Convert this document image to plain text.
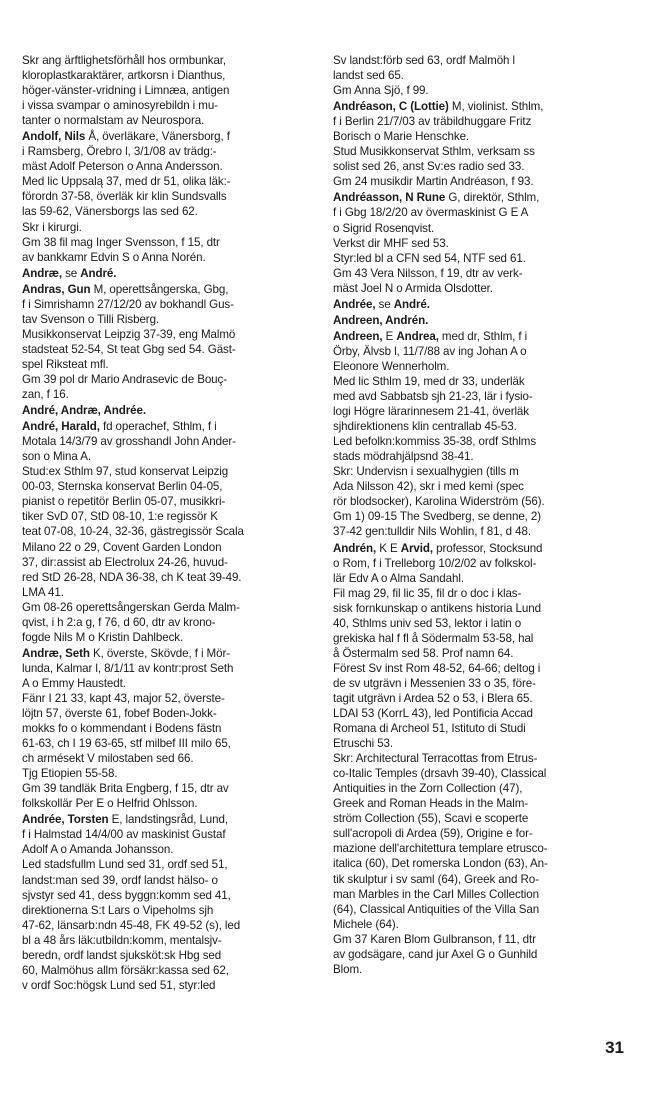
Skr ang ärftlighetsförhåll hos ormbunkar,
kloroplastkaraktärer, artkorsn i Dianthus,
höger-vänster-vridning i Limnæa, antigen
i vissa svampar o aminosyrebildn i mu-
tanter o normalstam av Neurospora.

Andolf, Nils Å, överläkare, Vänersborg, f
i Ramsberg, Örebro l, 3/1/08 av trädg:-
mäst Adolf Peterson o Anna Andersson.
Med lic Uppsalą 37, med dr 51, olika läk:-
förordn 37-58, överläk kir klin Sundsvalls
las 59-62, Vänersborgs las sed 62.
Skr i kirurgi.
Gm 38 fil mag Inger Svensson, f 15, dtr
av bankkamr Edvin S o Anna Norén.

Andræ, se André.

Andras, Gun M, operettsångerska, Gbg,
f i Simrishamn 27/12/20 av bokhandl Gus-
tav Svenson o Tilli Risberg.
Musikkonservat Leipzig 37-39, eng Malmö
stadsteat 52-54, St teat Gbg sed 54. Gäst-
spel Riksteat mfl.
Gm 39 pol dr Mario Andrasevic de Bouç-
zan, f 16.

André, Andræ, Andrée.

André, Harald, fd operachef, Sthlm, f i
Motala 14/3/79 av grosshandl John Ander-
son o Mina A.
Stud:ex Sthlm 97, stud konservat Leipzig
00-03, Sternska konservat Berlin 04-05,
pianist o repetitör Berlin 05-07, musikkri-
tiker SvD 07, StD 08-10, 1:e regissör K
teat 07-08, 10-24, 32-36, gästregissör Scala
Milano 22 o 29, Covent Garden London
37, dir:assist ab Electrolux 24-26, huvud-
red StD 26-28, NDA 36-38, ch K teat 39-49.
LMA 41.
Gm 08-26 operettsångerskan Gerda Malm-
qvist, i h 2:a g, f 76, d 60, dtr av krono-
fogde Nils M o Kristin Dahlbeck.

Andræ, Seth K, överste, Skövde, f i Mör-
lunda, Kalmar l, 8/1/11 av kontr:prost Seth
A o Emmy Haustedt.
Fänr I 21 33, kapt 43, major 52, överste-
löjtn 57, överste 61, fobef Boden-Jokk-
mokks fo o kommendant i Bodens fästn
61-63, ch I 19 63-65, stf milbef III milo 65,
ch armésekt V milostaben sed 66.
Tjg Etiopien 55-58.
Gm 39 tandläk Brita Engberg, f 15, dtr av
folkskollär Per E o Helfrid Ohlsson.

Andrée, Torsten E, landstingsråd, Lund,
f i Halmstad 14/4/00 av maskinist Gustaf
Adolf A o Amanda Johansson.
Led stadsfullm Lund sed 31, ordf sed 51,
landst:man sed 39, ordf landst hälso- o
sjvstyr sed 41, dess byggn:komm sed 41,
direktionerna S:t Lars o Vipeholms sjh
47-62, länsarb:ndn 45-48, FK 49-52 (s), led
bl a 48 års läk:utbildn:komm, mentalsjv-
beredn, ordf landst sjuksköt:sk Hbg sed
60, Malmöhus allm försäkr:kassa sed 62,
v ordf Soc:högsk Lund sed 51, styr:led

Sv landst:förb sed 63, ordf Malmöh l
landst sed 65.
Gm Anna Sjö, f 99.

Andréason, C (Lottie) M, violinist. Sthlm,
f i Berlin 21/7/03 av träbildhuggare Fritz
Borisch o Marie Henschke.
Stud Musikkonservat Sthlm, verksam ss
solist sed 26, anst Sv:es radio sed 33.
Gm 24 musikdir Martin Andréason, f 93.

Andréasson, N Rune G, direktör, Sthlm,
f i Gbg 18/2/20 av övermaskinist G E A
o Sigrid Rosenqvist.
Verkst dir MHF sed 53.
Styr:led bl a CFN sed 54, NTF sed 61.
Gm 43 Vera Nilsson, f 19, dtr av verk-
mäst Joel N o Armida Olsdotter.

Andrée, se André.

Andreen, Andrén.

Andreen, E Andrea, med dr, Sthlm, f i
Örby, Älvsb l, 11/7/88 av ing Johan A o
Eleonore Wennerholm.
Med lic Sthlm 19, med dr 33, underläk
med avd Sabbatsb sjh 21-23, lär i fysio-
logi Högre lärarinnesem 21-41, överläk
sjhdirektionens klin centrallab 45-53.
Led befolkn:kommiss 35-38, ordf Sthlms
stads mödrahjälpsnd 38-41.
Skr: Undervisn i sexualhygien (tills m
Ada Nilsson 42), skr i med kemi (spec
rör blodsocker), Karolina Widerström (56).
Gm 1) 09-15 The Svedberg, se denne, 2)
37-42 gen:tulldir Nils Wohlin, f 81, d 48.

Andrén, K E Arvid, professor, Stocksund
o Rom, f i Trelleborg 10/2/02 av folkskol-
lär Edv A o Alma Sandahl.
Fil mag 29, fil lic 35, fil dr o doc i klas-
sisk fornkunskap o antikens historia Lund
40, Sthlms univ sed 53, lektor i latin o
grekiska hal f fl å Södermalm 53-58, hal
å Östermalm sed 58. Prof namn 64.
Förest Sv inst Rom 48-52, 64-66; deltog i
de sv utgrävn i Messenien 33 o 35, före-
tagit utgrävn i Ardea 52 o 53, i Blera 65.
LDAI 53 (KorrL 43), led Pontificia Accad
Romana di Archeol 51, Istituto di Studi
Etruschi 53.
Skr: Architectural Terracottas from Etrus-
co-Italic Temples (drsavh 39-40), Classical
Antiquities in the Zorn Collection (47),
Greek and Roman Heads in the Malm-
ström Collection (55), Scavi e scoperte
sull'acropoli di Ardea (59), Origine e for-
mazione dell'architettura templare etrusco-
italica (60), Det romerska London (63), An-
tik skulptur i sv saml (64), Greek and Ro-
man Marbles in the Carl Milles Collection
(64), Classical Antiquities of the Villa San
Michele (64).
Gm 37 Karen Blom Gulbranson, f 11, dtr
av godsägare, cand jur Axel G o Gunhild
Blom.

31
